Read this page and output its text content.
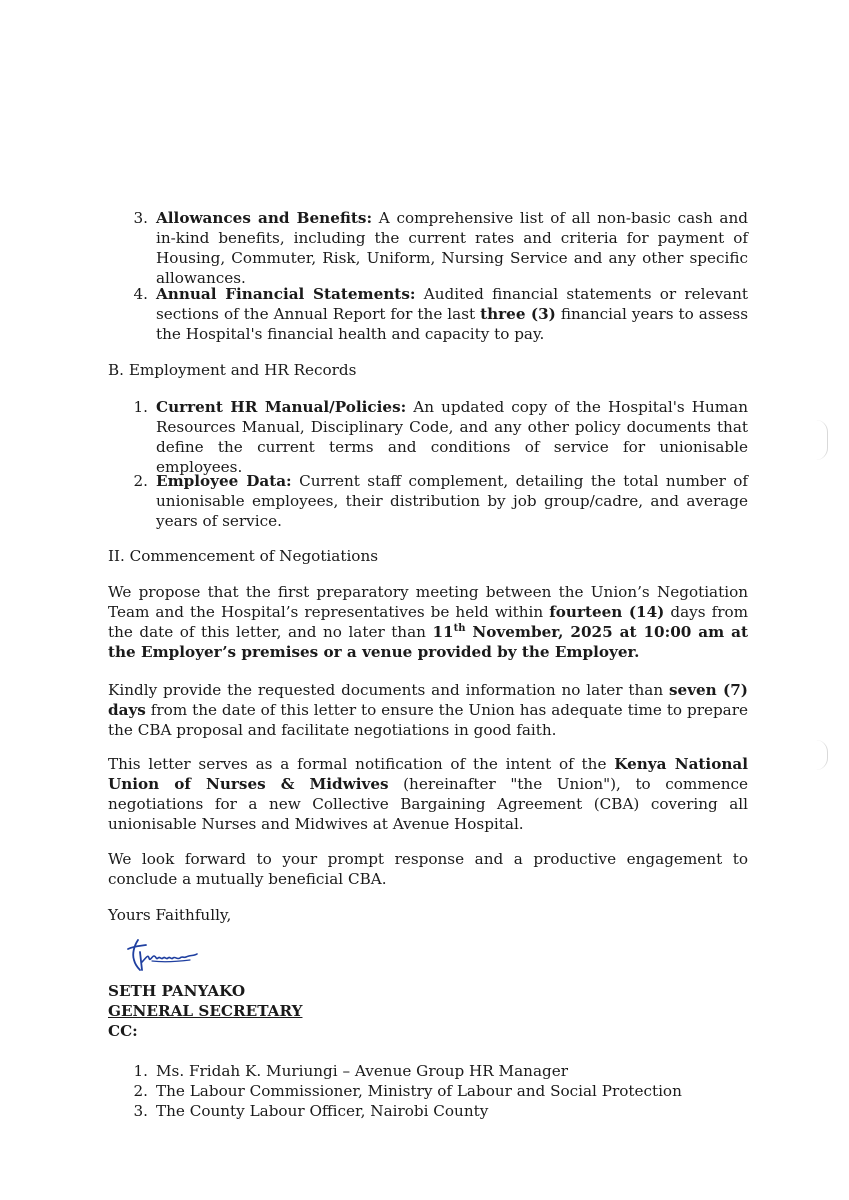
3. Allowances and Benefits: A comprehensive list of all non-basic cash and in-kind benefits, including the current rates and criteria for payment of Housing, Commuter, Risk, Uniform, Nursing Service and any other specific allowances.

4. Annual Financial Statements: Audited financial statements or relevant sections of the Annual Report for the last three (3) financial years to assess the Hospital's financial health and capacity to pay.

B. Employment and HR Records

1. Current HR Manual/Policies: An updated copy of the Hospital's Human Resources Manual, Disciplinary Code, and any other policy documents that define the current terms and conditions of service for unionisable employees.

2. Employee Data: Current staff complement, detailing the total number of unionisable employees, their distribution by job group/cadre, and average years of service.

II. Commencement of Negotiations

We propose that the first preparatory meeting between the Union’s Negotiation Team and the Hospital’s representatives be held within fourteen (14) days from the date of this letter, and no later than 11th November, 2025 at 10:00 am at the Employer’s premises or a venue provided by the Employer.

Kindly provide the requested documents and information no later than seven (7) days from the date of this letter to ensure the Union has adequate time to prepare the CBA proposal and facilitate negotiations in good faith.

This letter serves as a formal notification of the intent of the Kenya National Union of Nurses & Midwives (hereinafter "the Union"), to commence negotiations for a new Collective Bargaining Agreement (CBA) covering all unionisable Nurses and Midwives at Avenue Hospital.

We look forward to your prompt response and a productive engagement to conclude a mutually beneficial CBA.

Yours Faithfully,

SETH PANYAKO

GENERAL SECRETARY

CC:

1. Ms. Fridah K. Muriungi – Avenue Group HR Manager

2. The Labour Commissioner, Ministry of Labour and Social Protection

3. The County Labour Officer, Nairobi County
